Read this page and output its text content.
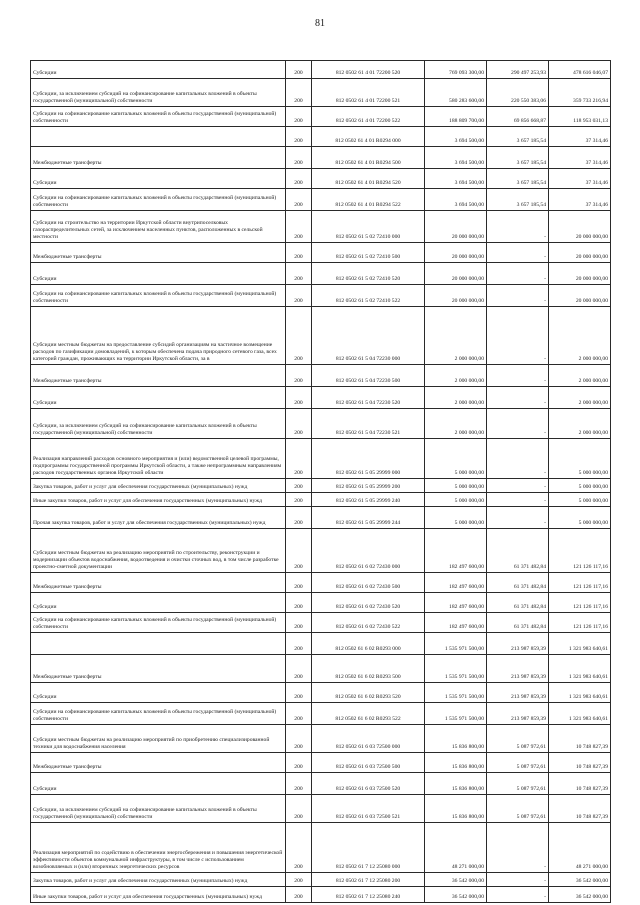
81
Субсидии	200	812 0502 61 4 01 72200 520	769 093 300,00	290 497 253,93	478 616 046,07
Субсидии, за исключением субсидий на софинансирование капитальных вложений в объекты государственной (муниципальной) собственности	200	812 0502 61 4 01 72200 521	580 283 600,00	220 550 383,06	359 733 216,94
Субсидии на софинансирование капитальных вложений в объекты государственной (муниципальной) собственности	200	812 0502 61 4 01 72200 522	188 809 700,00	69 856 668,87	118 953 031,13
	200	812 0502 61 4 01 R0294 000	3 694 500,00	3 657 185,54	37 314,46
Межбюджетные трансферты	200	812 0502 61 4 01 R0294 500	3 694 500,00	3 657 185,54	37 314,46
Субсидии	200	812 0502 61 4 01 R0294 520	3 694 500,00	3 657 185,54	37 314,46
Субсидии на софинансирование капитальных вложений в объекты государственной (муниципальной) собственности	200	812 0502 61 4 01 R0294 522	3 694 500,00	3 657 185,54	37 314,46
Субсидии на строительство на территории Иркутской области внутрипоселковых газораспределительных сетей, за исключением населенных пунктов, расположенных в сельской местности	200	812 0502 61 5 02 72410 000	20 000 000,00	-	20 000 000,00
Межбюджетные трансферты	200	812 0502 61 5 02 72410 500	20 000 000,00	-	20 000 000,00
Субсидии	200	812 0502 61 5 02 72410 520	20 000 000,00	-	20 000 000,00
Субсидии на софинансирование капитальных вложений в объекты государственной (муниципальной) собственности	200	812 0502 61 5 02 72410 522	20 000 000,00	-	20 000 000,00
Субсидии местным бюджетам на предоставление субсидий организациям на частичное возмещение расходов по газификации домовладений, к которым обеспечена подача природного сетевого газа, всех категорий граждан, проживающих на территории Иркутской области, за в	200	812 0502 61 5 04 72230 000	2 000 000,00	-	2 000 000,00
Межбюджетные трансферты	200	812 0502 61 5 04 72230 500	2 000 000,00	-	2 000 000,00
Субсидии	200	812 0502 61 5 04 72230 520	2 000 000,00	-	2 000 000,00
Субсидии, за исключением субсидий на софинансирование капитальных вложений в объекты государственной (муниципальной) собственности	200	812 0502 61 5 04 72230 521	2 000 000,00	-	2 000 000,00
Реализация направлений расходов основного мероприятия и (или) ведомственной целевой программы, подпрограммы государственной программы Иркутской области, а также непрограммным направлениям расходов государственных органов Иркутской области	200	812 0502 61 5 05 29999 000	5 000 000,00	-	5 000 000,00
Закупка товаров, работ и услуг для обеспечения государственных (муниципальных) нужд	200	812 0502 61 5 05 29999 200	5 000 000,00	-	5 000 000,00
Иные закупки товаров, работ и услуг для обеспечения государственных (муниципальных) нужд	200	812 0502 61 5 05 29999 240	5 000 000,00	-	5 000 000,00
Прочая закупка товаров, работ и услуг для обеспечения государственных (муниципальных) нужд	200	812 0502 61 5 05 29999 244	5 000 000,00	-	5 000 000,00
Субсидии местным бюджетам на реализацию мероприятий по строительству, реконструкции и модернизации объектов водоснабжения, водоотведения и очистки сточных вод, в том числе разработке проектно-сметной документации	200	812 0502 61 6 02 72430 000	182 497 600,00	61 371 482,84	121 126 117,16
Межбюджетные трансферты	200	812 0502 61 6 02 72430 500	182 497 600,00	61 371 482,84	121 126 117,16
Субсидии	200	812 0502 61 6 02 72430 520	182 497 600,00	61 371 482,84	121 126 117,16
Субсидии на софинансирование капитальных вложений в объекты государственной (муниципальной) собственности	200	812 0502 61 6 02 72430 522	182 497 600,00	61 371 482,84	121 126 117,16
	200	812 0502 61 6 02 R0293 000	1 535 971 500,00	213 987 859,39	1 321 983 640,61
Межбюджетные трансферты	200	812 0502 61 6 02 R0293 500	1 535 971 500,00	213 987 859,39	1 321 983 640,61
Субсидии	200	812 0502 61 6 02 R0293 520	1 535 971 500,00	213 987 859,39	1 321 983 640,61
Субсидии на софинансирование капитальных вложений в объекты государственной (муниципальной) собственности	200	812 0502 61 6 02 R0293 522	1 535 971 500,00	213 987 859,39	1 321 983 640,61
Субсидии местным бюджетам на реализацию мероприятий по приобретению специализированной техники для водоснабжения населения	200	812 0502 61 6 03 72500 000	15 836 800,00	5 087 972,61	10 748 827,39
Межбюджетные трансферты	200	812 0502 61 6 03 72500 500	15 836 800,00	5 087 972,61	10 748 827,39
Субсидии	200	812 0502 61 6 03 72500 520	15 836 800,00	5 087 972,61	10 748 827,39
Субсидии, за исключением субсидий на софинансирование капитальных вложений в объекты государственной (муниципальной) собственности	200	812 0502 61 6 03 72500 521	15 836 800,00	5 087 972,61	10 748 827,39
Реализация мероприятий по содействию в обеспечении энергосбережения и повышения энергетической эффективности объектов коммунальной инфраструктуры, в том числе с использованием возобновляемых и (или) вторичных энергетических ресурсов	200	812 0502 61 7 12 25080 000	48 271 000,00	-	48 271 000,00
Закупка товаров, работ и услуг для обеспечения государственных (муниципальных) нужд	200	812 0502 61 7 12 25080 200	36 542 000,00	-	36 542 000,00
Иные закупки товаров, работ и услуг для обеспечения государственных (муниципальных) нужд	200	812 0502 61 7 12 25080 240	36 542 000,00	-	36 542 000,00
